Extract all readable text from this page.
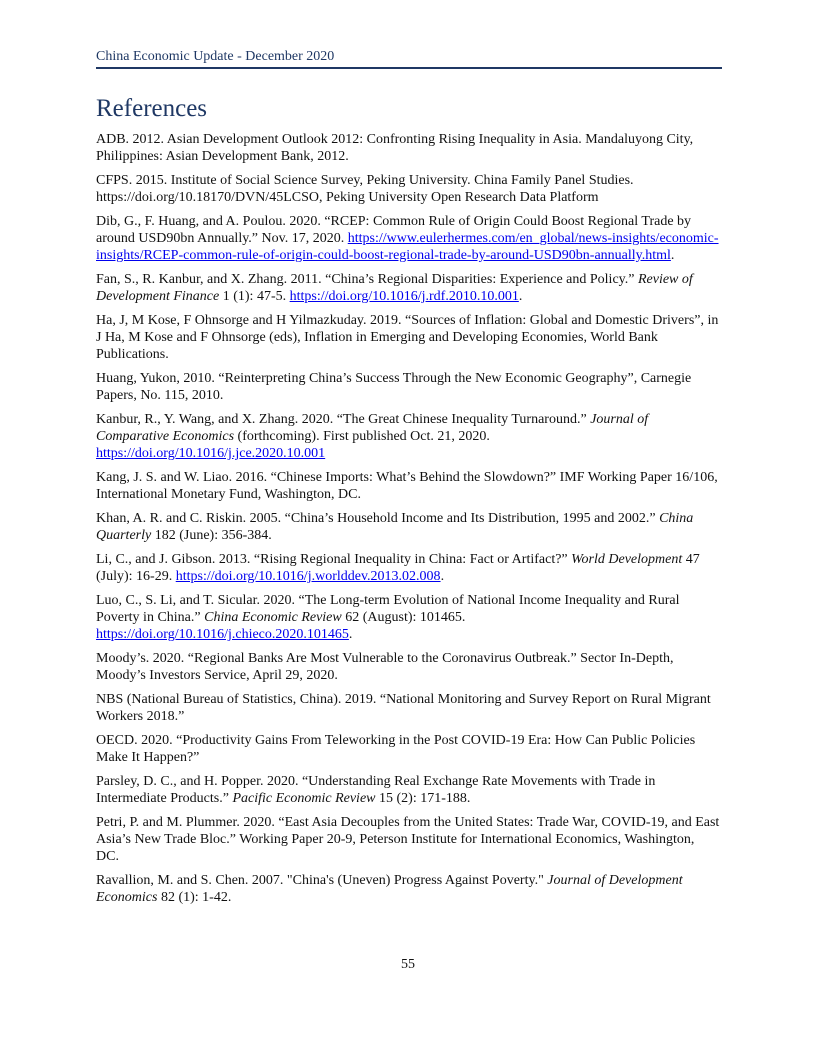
China Economic Update - December 2020
References
ADB. 2012. Asian Development Outlook 2012: Confronting Rising Inequality in Asia. Mandaluyong City, Philippines: Asian Development Bank, 2012.
CFPS. 2015. Institute of Social Science Survey, Peking University. China Family Panel Studies. https://doi.org/10.18170/DVN/45LCSO, Peking University Open Research Data Platform
Dib, G., F. Huang, and A. Poulou. 2020. “RCEP: Common Rule of Origin Could Boost Regional Trade by around USD90bn Annually.” Nov. 17, 2020. https://www.eulerhermes.com/en_global/news-insights/economic-insights/RCEP-common-rule-of-origin-could-boost-regional-trade-by-around-USD90bn-annually.html.
Fan, S., R. Kanbur, and X. Zhang. 2011. “China’s Regional Disparities: Experience and Policy.” Review of Development Finance 1 (1): 47-5. https://doi.org/10.1016/j.rdf.2010.10.001.
Ha, J, M Kose, F Ohnsorge and H Yilmazkuday. 2019. “Sources of Inflation: Global and Domestic Drivers”, in J Ha, M Kose and F Ohnsorge (eds), Inflation in Emerging and Developing Economies, World Bank Publications.
Huang, Yukon, 2010. “Reinterpreting China’s Success Through the New Economic Geography”, Carnegie Papers, No. 115, 2010.
Kanbur, R., Y. Wang, and X. Zhang. 2020. “The Great Chinese Inequality Turnaround.” Journal of Comparative Economics (forthcoming). First published Oct. 21, 2020. https://doi.org/10.1016/j.jce.2020.10.001
Kang, J. S. and W. Liao. 2016. “Chinese Imports: What’s Behind the Slowdown?” IMF Working Paper 16/106, International Monetary Fund, Washington, DC.
Khan, A. R. and C. Riskin. 2005. “China’s Household Income and Its Distribution, 1995 and 2002.” China Quarterly 182 (June): 356-384.
Li, C., and J. Gibson. 2013. “Rising Regional Inequality in China: Fact or Artifact?” World Development 47 (July): 16-29. https://doi.org/10.1016/j.worlddev.2013.02.008.
Luo, C., S. Li, and T. Sicular. 2020. “The Long-term Evolution of National Income Inequality and Rural Poverty in China.” China Economic Review 62 (August): 101465. https://doi.org/10.1016/j.chieco.2020.101465.
Moody’s. 2020. “Regional Banks Are Most Vulnerable to the Coronavirus Outbreak.” Sector In-Depth, Moody’s Investors Service, April 29, 2020.
NBS (National Bureau of Statistics, China). 2019. “National Monitoring and Survey Report on Rural Migrant Workers 2018.”
OECD. 2020. “Productivity Gains From Teleworking in the Post COVID-19 Era: How Can Public Policies Make It Happen?”
Parsley, D. C., and H. Popper. 2020. “Understanding Real Exchange Rate Movements with Trade in Intermediate Products.” Pacific Economic Review 15 (2): 171-188.
Petri, P. and M. Plummer. 2020. “East Asia Decouples from the United States: Trade War, COVID-19, and East Asia’s New Trade Bloc.” Working Paper 20-9, Peterson Institute for International Economics, Washington, DC.
Ravallion, M. and S. Chen. 2007. "China's (Uneven) Progress Against Poverty." Journal of Development Economics 82 (1): 1-42.
55
